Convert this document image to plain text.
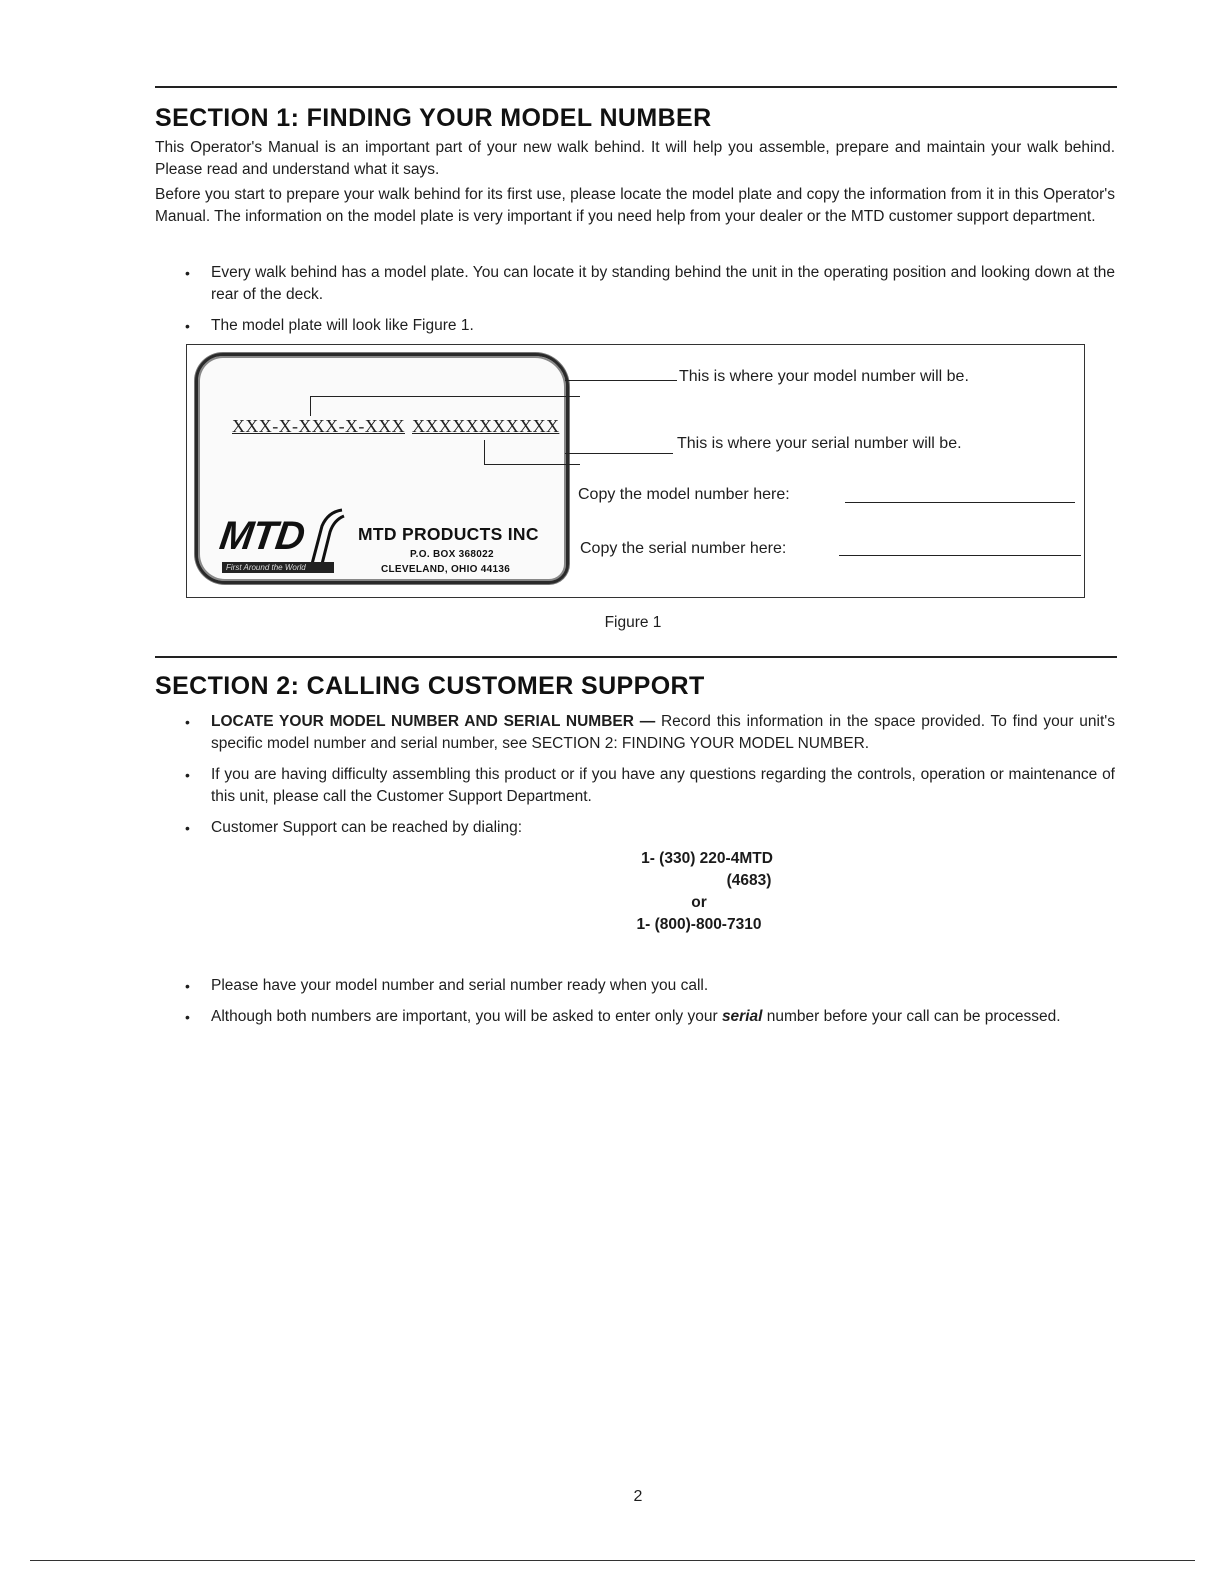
SECTION 1: FINDING YOUR MODEL NUMBER

This Operator's Manual is an important part of your new walk behind. It will help you assemble, prepare and maintain your walk behind. Please read and understand what it says.

Before you start to prepare your walk behind for its first use, please locate the model plate and copy the information from it in this Operator's Manual. The information on the model plate is very important if you need help from your dealer or the MTD customer support department.

• Every walk behind has a model plate. You can locate it by standing behind the unit in the operating position and looking down at the rear of the deck.
• The model plate will look like Figure 1.
XXX-X-XXX-X-XXX XXXXXXXXXXX
MTD
First Around the World
MTD PRODUCTS INC
P.O. BOX 368022
CLEVELAND, OHIO 44136
This is where your model number will be.
This is where your serial number will be.
Copy the model number here:
Copy the serial number here:

Figure 1

SECTION 2: CALLING CUSTOMER SUPPORT
• LOCATE YOUR MODEL NUMBER AND SERIAL NUMBER — Record this information in the space provided. To find your unit's specific model number and serial number, see SECTION 2: FINDING YOUR MODEL NUMBER.
• If you are having difficulty assembling this product or if you have any questions regarding the controls, operation or maintenance of this unit, please call the Customer Support Department.
• Customer Support can be reached by dialing:
1- (330) 220-4MTD
(4683)
or
1- (800)-800-7310
• Please have your model number and serial number ready when you call.
• Although both numbers are important, you will be asked to enter only your serial number before your call can be processed.

2
